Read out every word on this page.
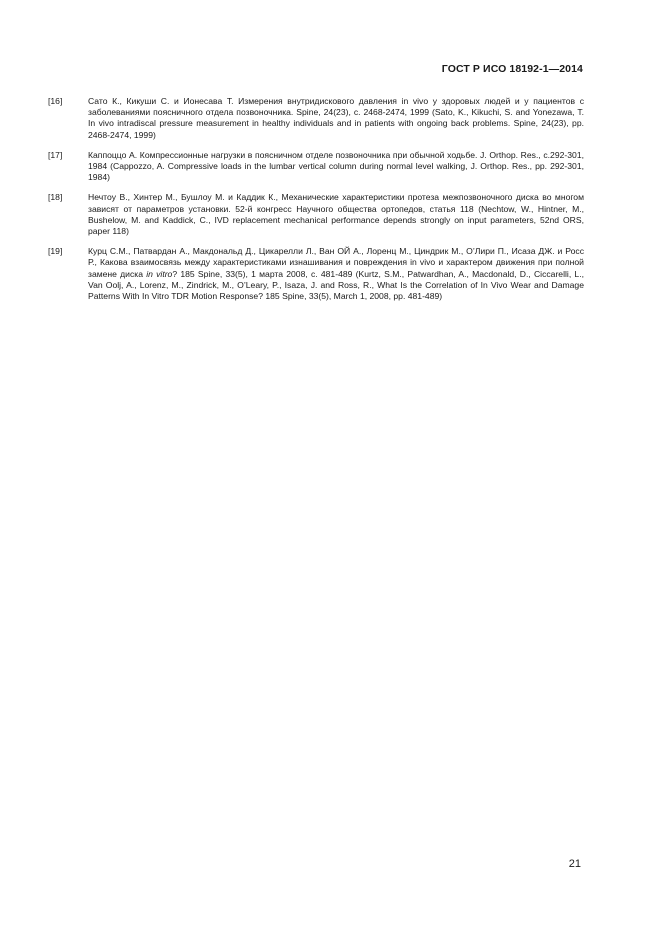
ГОСТ Р ИСО 18192-1—2014
[16]	Сато К., Кикуши С. и Ионесава Т. Измерения внутридискового давления in vivo у здоровых людей и у пациентов с заболеваниями поясничного отдела позвоночника. Spine, 24(23), c. 2468-2474, 1999 (Sato, K., Kikuchi, S. and Yonezawa, T. In vivo intradiscal pressure measurement in healthy individuals and in patients with ongoing back problems. Spine, 24(23), pp. 2468-2474, 1999)
[17]	Каппоццо А. Компрессионные нагрузки в поясничном отделе позвоночника при обычной ходьбе. J. Orthop. Res., с.292-301, 1984 (Cappozzo, A. Compressive loads in the lumbar vertical column during normal level walking, J. Orthop. Res., pp. 292-301, 1984)
[18]	Нечтоу В., Хинтер М., Бушлоу М. и Каддик К., Механические характеристики протеза межпозвоночного диска во многом зависят от параметров установки. 52-й конгресс Научного общества ортопедов, статья 118 (Nechtow, W., Hintner, M., Bushelow, M. and Kaddick, C., IVD replacement mechanical performance depends strongly on input parameters, 52nd ORS, paper 118)
[19]	Курц С.М., Патвардан А., Макдональд Д., Цикарелли Л., Ван ОЙ А., Лоренц М., Циндрик М., О’Лири П., Исаза ДЖ. и Росс Р., Какова взаимосвязь между характеристиками изнашивания и повреждения in vivo и характером движения при полной замене диска in vitro? 185 Spine, 33(5), 1 марта 2008, с. 481-489 (Kurtz, S.M., Patwardhan, A., Macdonald, D., Ciccarelli, L., Van Oolj, A., Lorenz, M., Zindrick, M., O’Leary, P., Isaza, J. and Ross, R., What Is the Correlation of In Vivo Wear and Damage Patterns With In Vitro TDR Motion Response? 185 Spine, 33(5), March 1, 2008, pp. 481-489)
21
